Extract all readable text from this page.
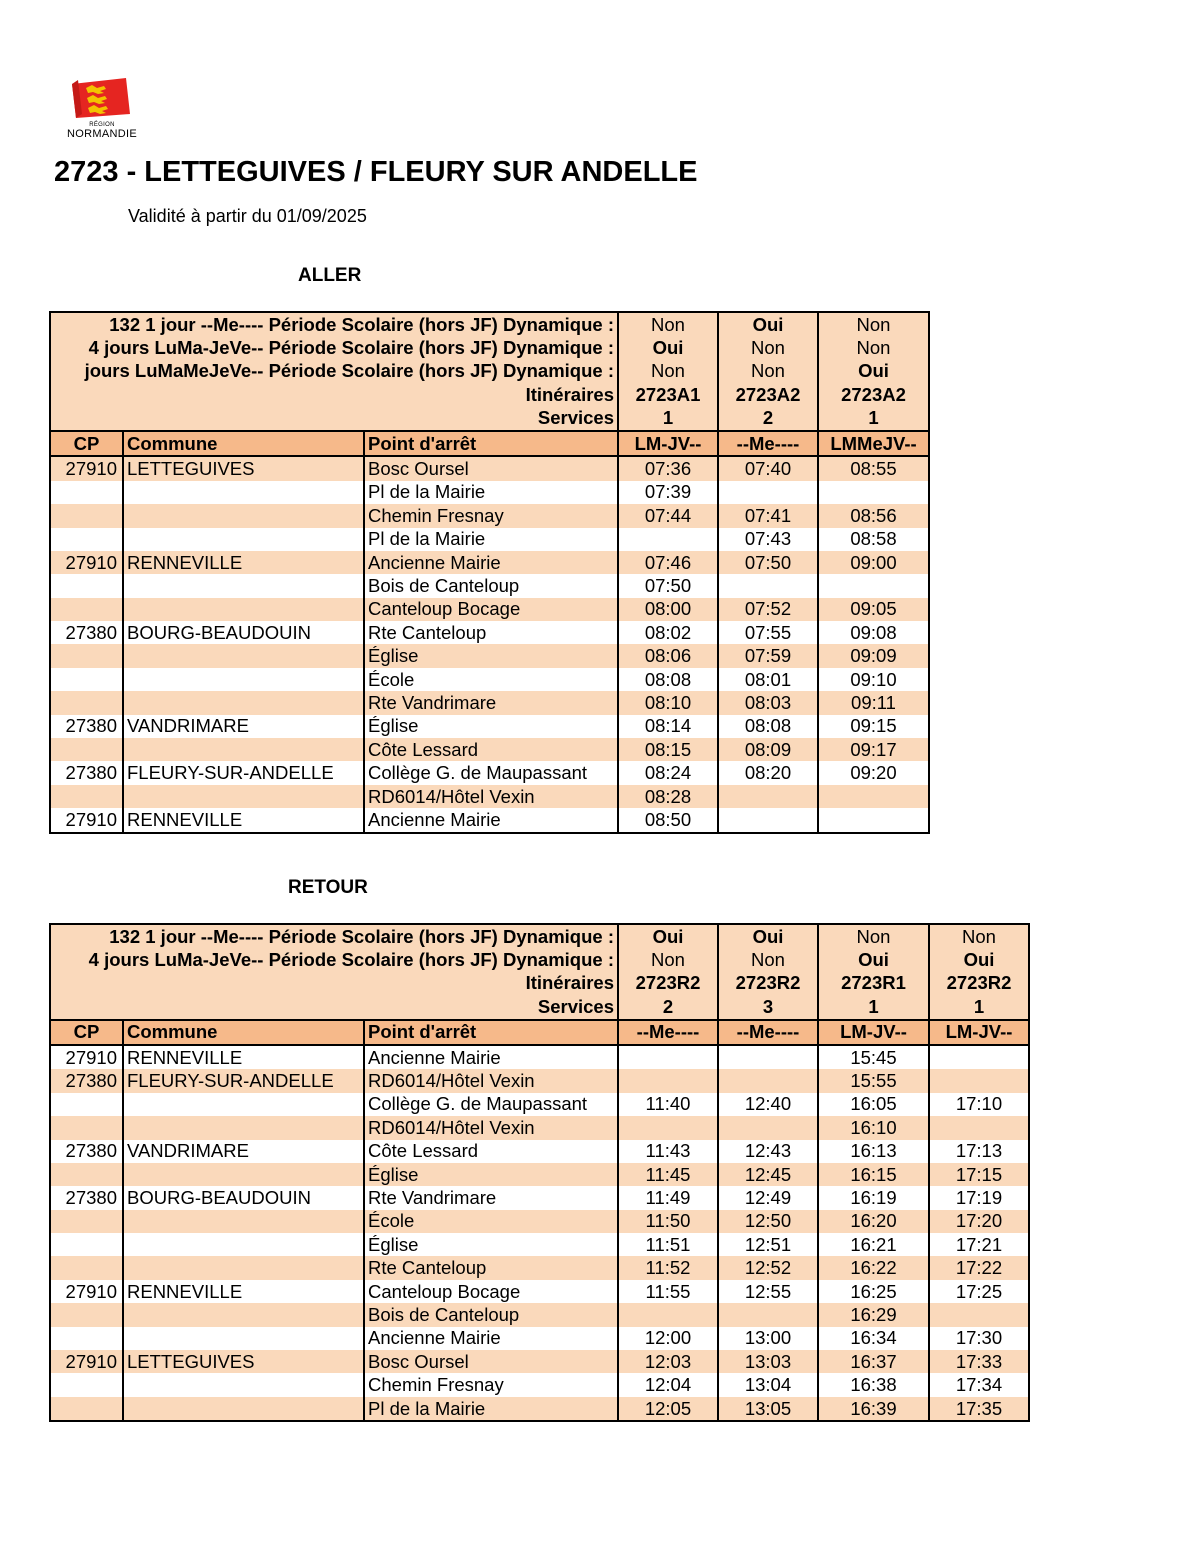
RÉGION
NORMANDIE
2723 - LETTEGUIVES / FLEURY SUR ANDELLE
Validité à partir du 01/09/2025
ALLER
132 1 jour --Me---- Période Scolaire (hors JF) Dynamique :			Non	Oui	Non
4 jours LuMa-JeVe-- Période Scolaire (hors JF) Dynamique :			Oui	Non	Non
jours LuMaMeJeVe-- Période Scolaire (hors JF) Dynamique :			Non	Non	Oui
Itinéraires			2723A1	2723A2	2723A2
Services			1	2	1
CP	Commune	Point d'arrêt	LM-JV--	--Me----	LMMeJV--
27910	LETTEGUIVES	Bosc Oursel	07:36	07:40	08:55
		Pl de la Mairie	07:39		
		Chemin Fresnay	07:44	07:41	08:56
		Pl de la Mairie		07:43	08:58
27910	RENNEVILLE	Ancienne Mairie	07:46	07:50	09:00
		Bois de Canteloup	07:50		
		Canteloup Bocage	08:00	07:52	09:05
27380	BOURG-BEAUDOUIN	Rte Canteloup	08:02	07:55	09:08
		Église	08:06	07:59	09:09
		École	08:08	08:01	09:10
		Rte Vandrimare	08:10	08:03	09:11
27380	VANDRIMARE	Église	08:14	08:08	09:15
		Côte Lessard	08:15	08:09	09:17
27380	FLEURY-SUR-ANDELLE	Collège G. de Maupassant	08:24	08:20	09:20
		RD6014/Hôtel Vexin	08:28		
27910	RENNEVILLE	Ancienne Mairie	08:50		
RETOUR
132 1 jour --Me---- Période Scolaire (hors JF) Dynamique :			Oui	Oui	Non	Non
4 jours LuMa-JeVe-- Période Scolaire (hors JF) Dynamique :			Non	Non	Oui	Oui
Itinéraires			2723R2	2723R2	2723R1	2723R2
Services			2	3	1	1
CP	Commune	Point d'arrêt	--Me----	--Me----	LM-JV--	LM-JV--
27910	RENNEVILLE	Ancienne Mairie			15:45	
27380	FLEURY-SUR-ANDELLE	RD6014/Hôtel Vexin			15:55	
		Collège G. de Maupassant	11:40	12:40	16:05	17:10
		RD6014/Hôtel Vexin			16:10	
27380	VANDRIMARE	Côte Lessard	11:43	12:43	16:13	17:13
		Église	11:45	12:45	16:15	17:15
27380	BOURG-BEAUDOUIN	Rte Vandrimare	11:49	12:49	16:19	17:19
		École	11:50	12:50	16:20	17:20
		Église	11:51	12:51	16:21	17:21
		Rte Canteloup	11:52	12:52	16:22	17:22
27910	RENNEVILLE	Canteloup Bocage	11:55	12:55	16:25	17:25
		Bois de Canteloup			16:29	
		Ancienne Mairie	12:00	13:00	16:34	17:30
27910	LETTEGUIVES	Bosc Oursel	12:03	13:03	16:37	17:33
		Chemin Fresnay	12:04	13:04	16:38	17:34
		Pl de la Mairie	12:05	13:05	16:39	17:35
